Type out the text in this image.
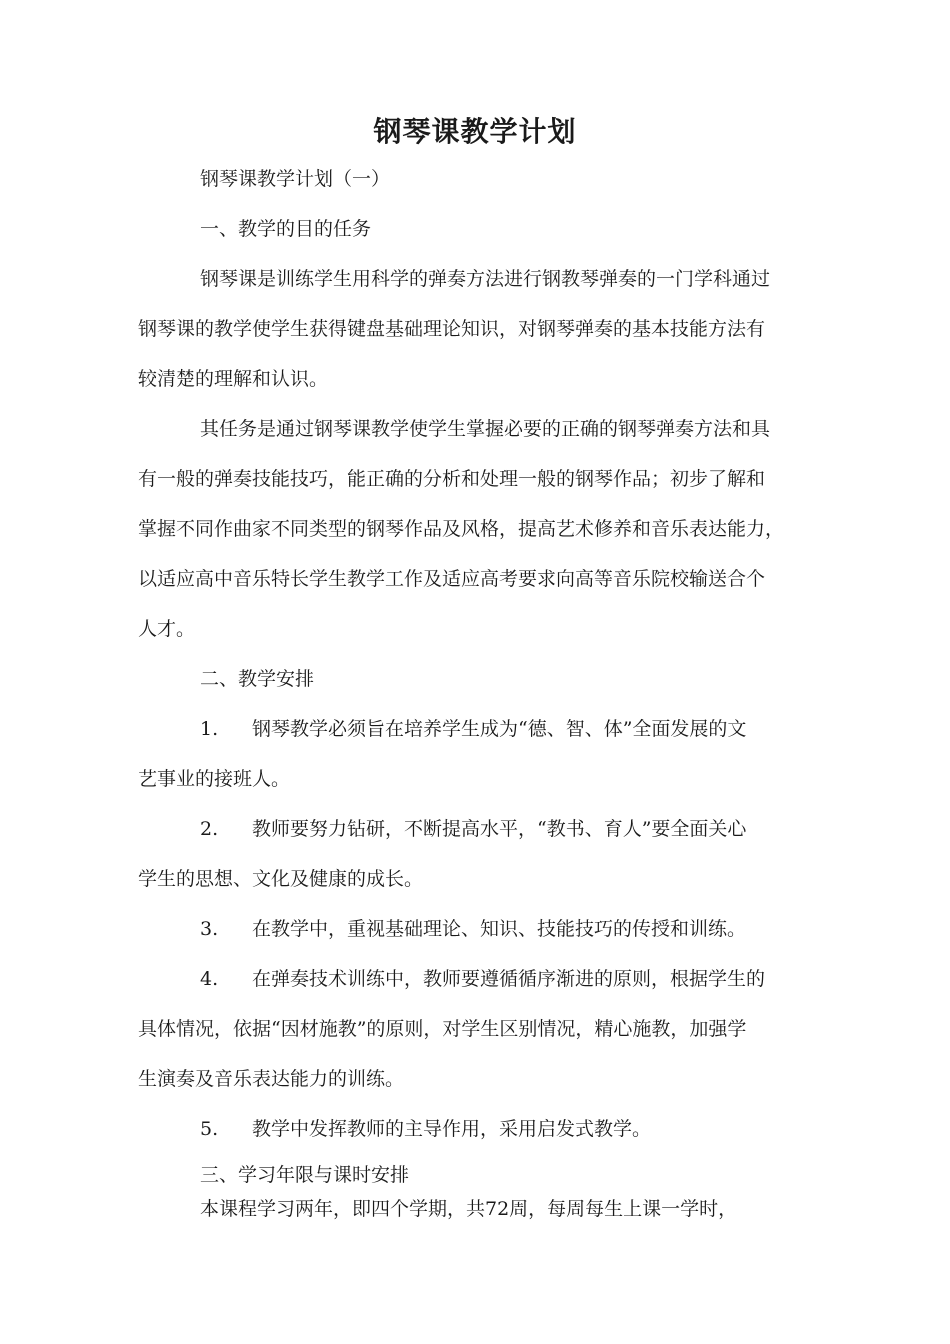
钢琴课教学计划
钢琴课教学计划（一）
一、教学的目的任务
钢琴课是训练学生用科学的弹奏方法进行钢教琴弹奏的一门学科通过
钢琴课的教学使学生获得键盘基础理论知识，对钢琴弹奏的基本技能方法有
较清楚的理解和认识。
其任务是通过钢琴课教学使学生掌握必要的正确的钢琴弹奏方法和具
有一般的弹奏技能技巧，能正确的分析和处理一般的钢琴作品；初步了解和
掌握不同作曲家不同类型的钢琴作品及风格，提高艺术修养和音乐表达能力，
以适应高中音乐特长学生教学工作及适应高考要求向高等音乐院校输送合个
人才。
二、教学安排
1. 钢琴教学必须旨在培养学生成为“德、智、体”全面发展的文
艺事业的接班人。
2. 教师要努力钻研，不断提高水平，“教书、育人”要全面关心
学生的思想、文化及健康的成长。
3. 在教学中，重视基础理论、知识、技能技巧的传授和训练。
4. 在弹奏技术训练中，教师要遵循循序渐进的原则，根据学生的
具体情况，依据“因材施教”的原则，对学生区别情况，精心施教，加强学
生演奏及音乐表达能力的训练。
5. 教学中发挥教师的主导作用，采用启发式教学。
三、学习年限与课时安排
本课程学习两年，即四个学期，共72周，每周每生上课一学时，
